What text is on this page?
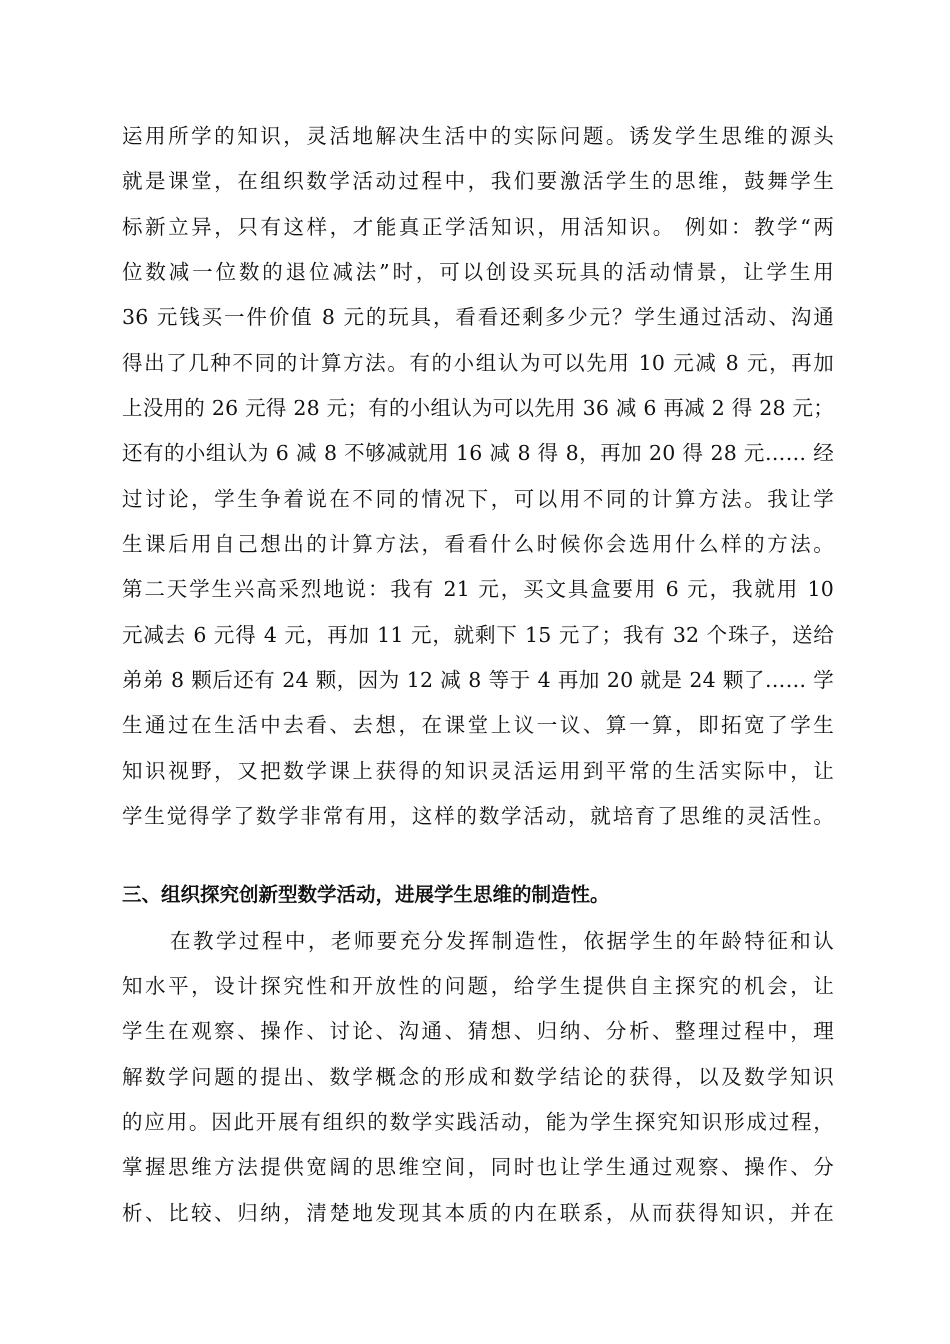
运用所学的知识，灵活地解决生活中的实际问题。诱发学生思维的源头
就是课堂，在组织数学活动过程中，我们要激活学生的思维，鼓舞学生
标新立异，只有这样，才能真正学活知识，用活知识。 例如：教学“两
位数减一位数的退位减法”时，可以创设买玩具的活动情景，让学生用
36 元钱买一件价值 8 元的玩具，看看还剩多少元？学生通过活动、沟通
得出了几种不同的计算方法。有的小组认为可以先用 10 元减 8 元，再加
上没用的 26 元得 28 元；有的小组认为可以先用 36 减 6 再减 2 得 28 元；
还有的小组认为 6 减 8 不够减就用 16 减 8 得 8，再加 20 得 28 元…… 经
过讨论，学生争着说在不同的情况下，可以用不同的计算方法。我让学
生课后用自己想出的计算方法，看看什么时候你会选用什么样的方法。
第二天学生兴高采烈地说：我有 21 元，买文具盒要用 6 元，我就用 10
元减去 6 元得 4 元，再加 11 元，就剩下 15 元了；我有 32 个珠子，送给
弟弟 8 颗后还有 24 颗，因为 12 减 8 等于 4 再加 20 就是 24 颗了…… 学
生通过在生活中去看、去想，在课堂上议一议、算一算，即拓宽了学生
知识视野，又把数学课上获得的知识灵活运用到平常的生活实际中，让
学生觉得学了数学非常有用，这样的数学活动，就培育了思维的灵活性。
三、组织探究创新型数学活动，进展学生思维的制造性。
在教学过程中，老师要充分发挥制造性，依据学生的年龄特征和认
知水平，设计探究性和开放性的问题，给学生提供自主探究的机会，让
学生在观察、操作、讨论、沟通、猜想、归纳、分析、整理过程中，理
解数学问题的提出、数学概念的形成和数学结论的获得，以及数学知识
的应用。因此开展有组织的数学实践活动，能为学生探究知识形成过程，
掌握思维方法提供宽阔的思维空间，同时也让学生通过观察、操作、分
析、比较、归纳，清楚地发现其本质的内在联系，从而获得知识，并在
